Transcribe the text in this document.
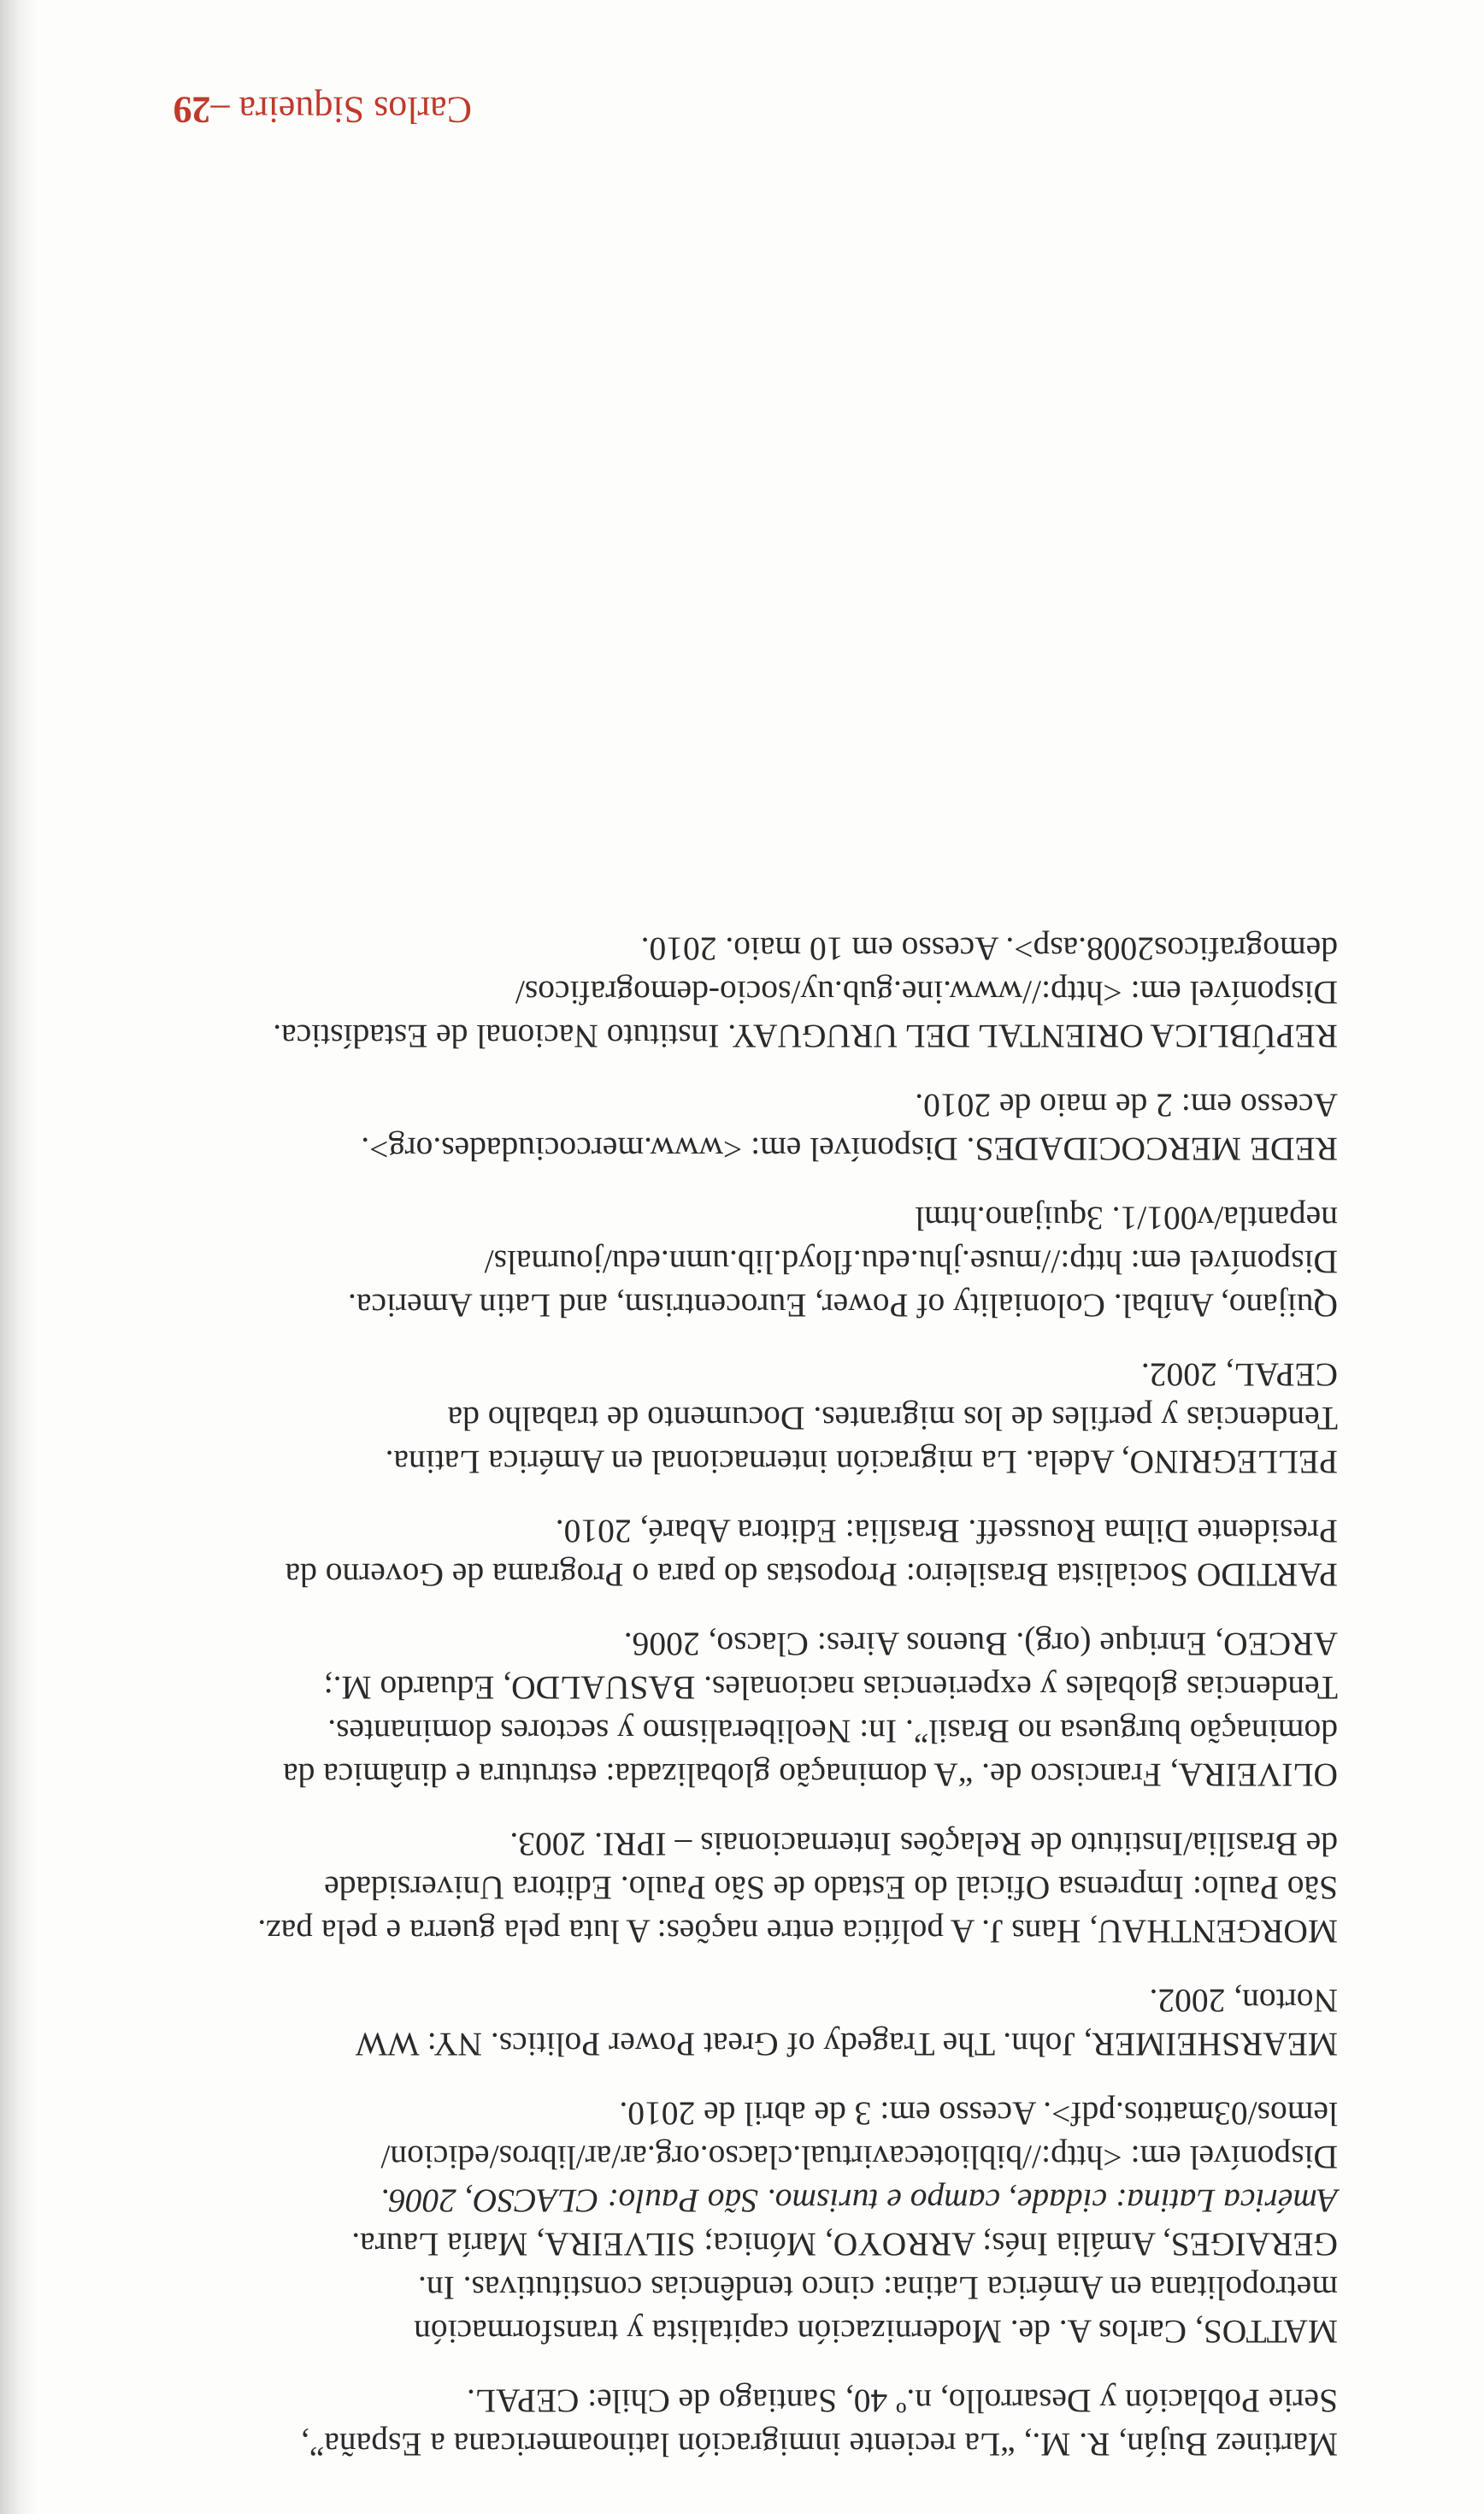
Carlos Siqueira –29

Martinez Buján, R. M., “La reciente inmigración latinoamericana a España”,
Serie Población y Desarrollo, n.º 40, Santiago de Chile: CEPAL.

MATTOS, Carlos A. de. Modernización capitalista y transformación
metropolitana en América Latina: cinco tendências constitutivas. In.
GERAIGES, Amália Inés; ARROYO, Mónica; SILVEIRA, María Laura.
América Latina: cidade, campo e turismo. São Paulo: CLACSO, 2006.
Disponível em: <http://bibliotecavirtual.clacso.org.ar/ar/libros/edicion/
lemos/03mattos.pdf>. Acesso em: 3 de abril de 2010.

MEARSHEIMER, John. The Tragedy of Great Power Politics. NY: WW
Norton, 2002.

MORGENTHAU, Hans J. A política entre nações: A luta pela guerra e pela paz.
São Paulo: Imprensa Oficial do Estado de São Paulo. Editora Universidade
de Brasília/Instituto de Relações Internacionais – IPRI. 2003.

OLIVEIRA, Francisco de. “A dominação globalizada: estrutura e dinâmica da
dominação burguesa no Brasil”. In: Neoliberalismo y sectores dominantes.
Tendencias globales y experiencias nacionales. BASUALDO, Eduardo M.;
ARCEO, Enrique (org). Buenos Aires: Clacso, 2006.

PARTIDO Socialista Brasileiro: Propostas do para o Programa de Governo da
Presidente Dilma Rousseff. Brasília: Editora Abaré, 2010.

PELLEGRINO, Adela. La migración internacional en América Latina.
Tendencias y perfiles de los migrantes. Documento de trabalho da
CEPAL, 2002.

Quijano, Aníbal. Coloniality of Power, Eurocentrism, and Latin America.
Disponível em: http://muse.jhu.edu.floyd.lib.umn.edu/journals/
nepantla/v001/1. 3quijano.html

REDE MERCOCIDADES. Disponível em: <www.mercociudades.org>.
Acesso em: 2 de maio de 2010.

REPÚBLICA ORIENTAL DEL URUGUAY. Instituto Nacional de Estadística.
Disponível em: <http://www.ine.gub.uy/socio-demograficos/
demograficos2008.asp>. Acesso em 10 maio. 2010.
